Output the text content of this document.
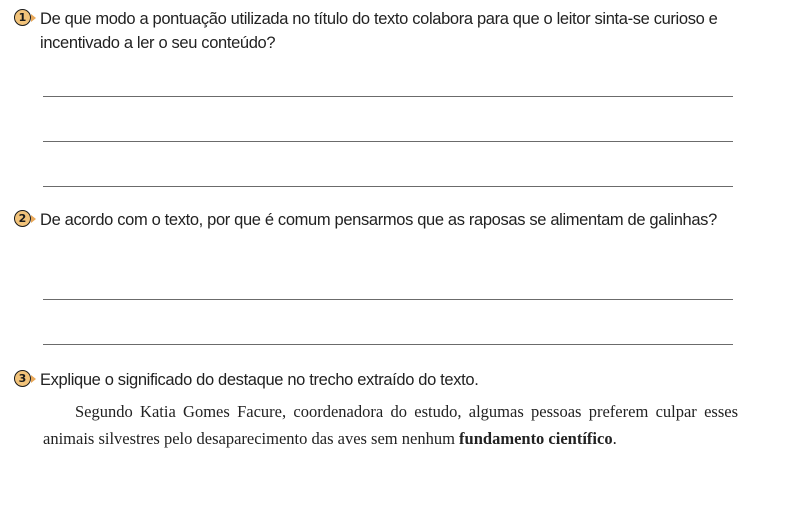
1 De que modo a pontuação utilizada no título do texto colabora para que o leitor sinta-se curioso e incentivado a ler o seu conteúdo?
2 De acordo com o texto, por que é comum pensarmos que as raposas se alimentam de galinhas?
3 Explique o significado do destaque no trecho extraído do texto.
Segundo Katia Gomes Facure, coordenadora do estudo, algumas pessoas preferem culpar esses animais silvestres pelo desaparecimento das aves sem nenhum fundamento científico.
